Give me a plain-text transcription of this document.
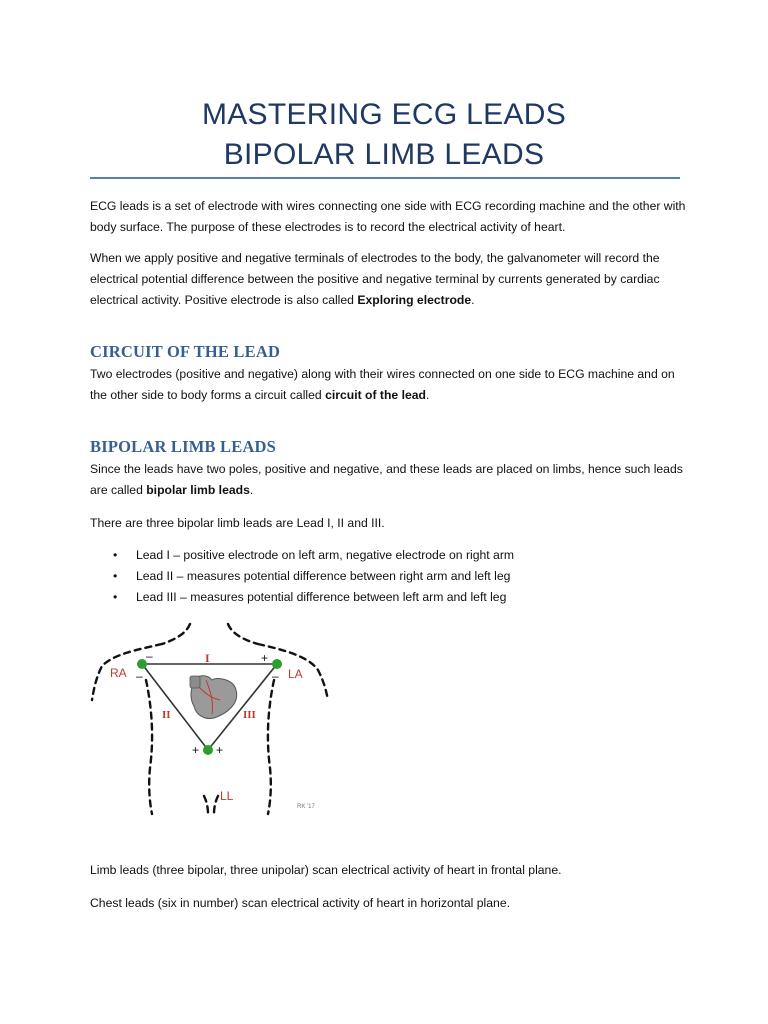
MASTERING ECG LEADS
BIPOLAR LIMB LEADS
ECG leads is a set of electrode with wires connecting one side with ECG recording machine and the other with body surface. The purpose of these electrodes is to record the electrical activity of heart.
When we apply positive and negative terminals of electrodes to the body, the galvanometer will record the electrical potential difference between the positive and negative terminal by currents generated by cardiac electrical activity. Positive electrode is also called Exploring electrode.
CIRCUIT OF THE LEAD
Two electrodes (positive and negative) along with their wires connected on one side to ECG machine and on the other side to body forms a circuit called circuit of the lead.
BIPOLAR LIMB LEADS
Since the leads have two poles, positive and negative, and these leads are placed on limbs, hence such leads are called bipolar limb leads.
There are three bipolar limb leads are Lead I, II and III.
• Lead I – positive electrode on left arm, negative electrode on right arm
• Lead II – measures potential difference between right arm and left leg
• Lead III – measures potential difference between left arm and left leg
RA	LA
LL
I
II	III
–	+
–	–
+ +
RK '17
Limb leads (three bipolar, three unipolar) scan electrical activity of heart in frontal plane.
Chest leads (six in number) scan electrical activity of heart in horizontal plane.
